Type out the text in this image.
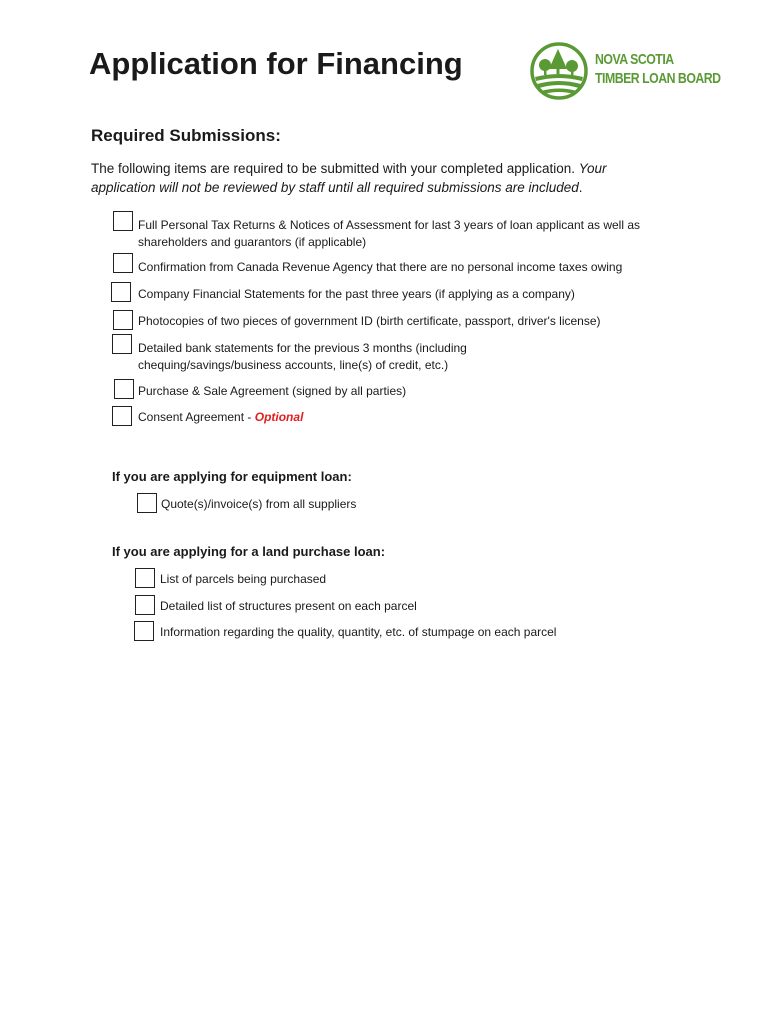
Application for Financing	NOVA SCOTIA
TIMBER LOAN BOARD
Required Submissions:

The following items are required to be submitted with your completed application. Your
application will not be reviewed by staff until all required submissions are included.

Full Personal Tax Returns & Notices of Assessment for last 3 years of loan applicant as well as
shareholders and guarantors (if applicable)
Confirmation from Canada Revenue Agency that there are no personal income taxes owing
Company Financial Statements for the past three years (if applying as a company)
Photocopies of two pieces of government ID (birth certificate, passport, driver's license)
Detailed bank statements for the previous 3 months (including
chequing/savings/business accounts, line(s) of credit, etc.)
Purchase & Sale Agreement (signed by all parties)
Consent Agreement - Optional
If you are applying for equipment loan:
Quote(s)/invoice(s) from all suppliers
If you are applying for a land purchase loan:
List of parcels being purchased
Detailed list of structures present on each parcel
Information regarding the quality, quantity, etc. of stumpage on each parcel
